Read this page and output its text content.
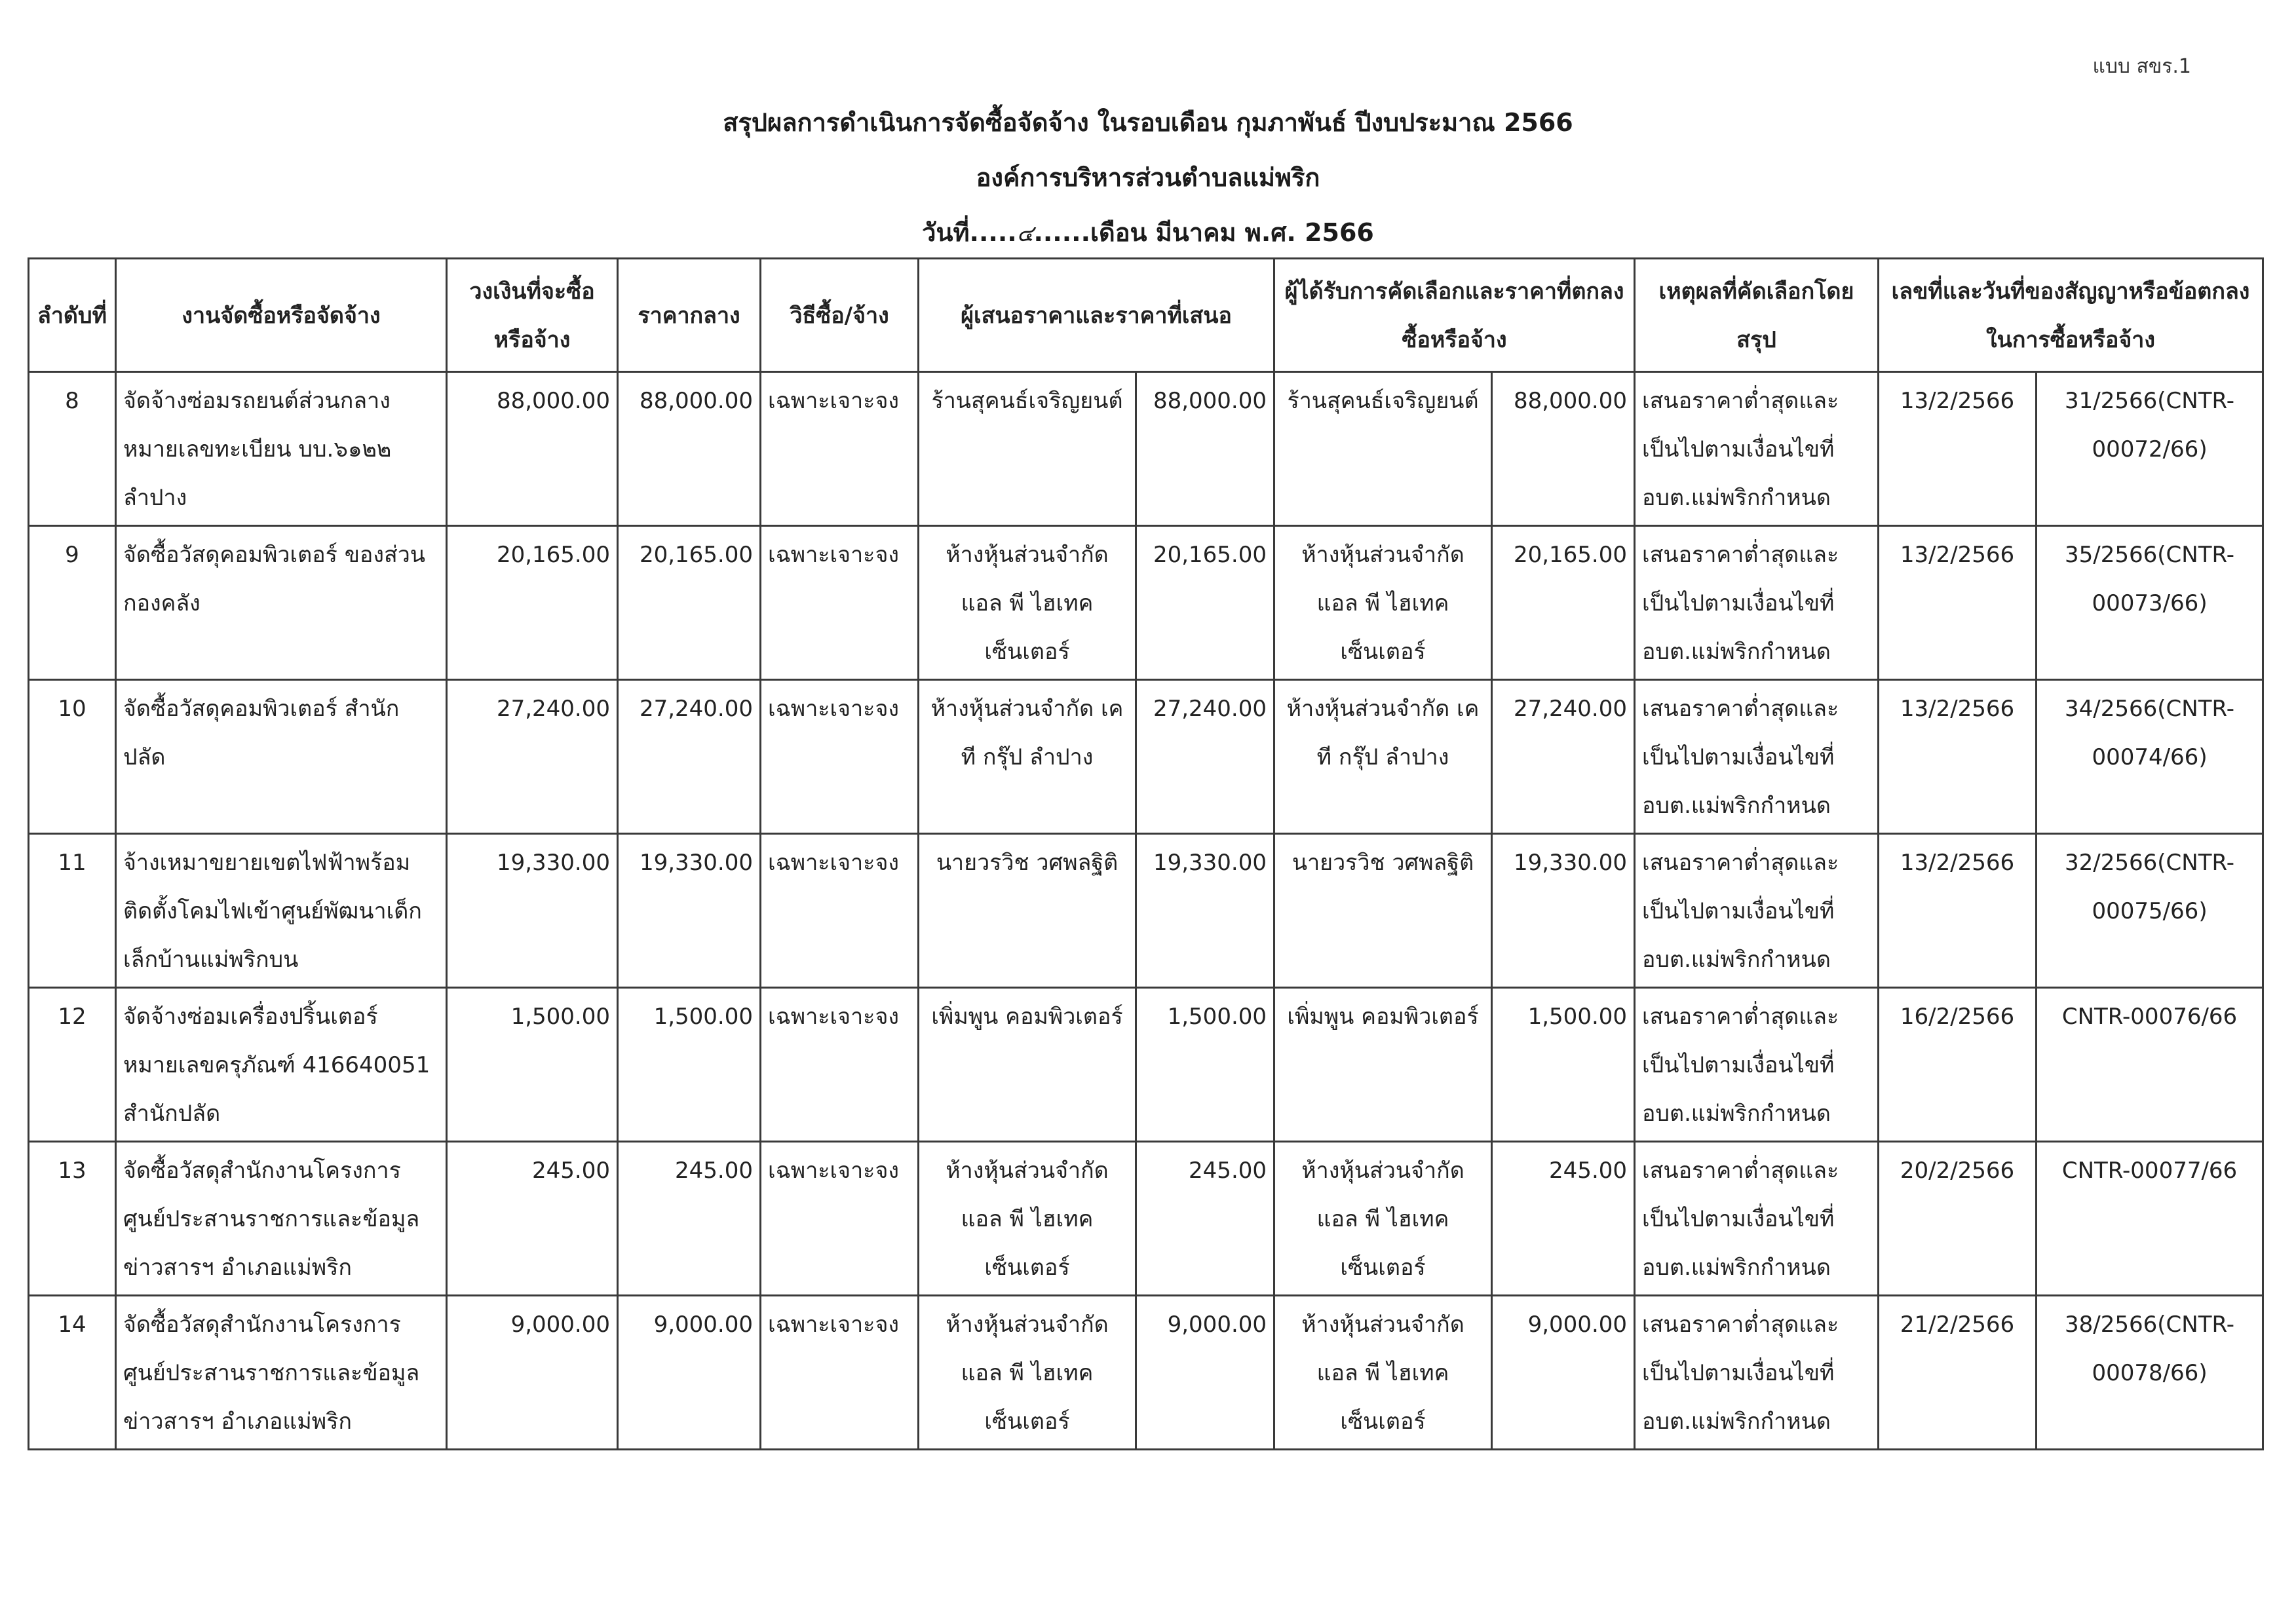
แบบ สขร.1
สรุปผลการดำเนินการจัดซื้อจัดจ้าง ในรอบเดือน กุมภาพันธ์ ปีงบประมาณ 2566
องค์การบริหารส่วนตำบลแม่พริก
วันที่.....๔......เดือน มีนาคม พ.ศ. 2566
ลำดับที่	งานจัดซื้อหรือจัดจ้าง	วงเงินที่จะซื้อหรือจ้าง	ราคากลาง	วิธีซื้อ/จ้าง	ผู้เสนอราคาและราคาที่เสนอ		ผู้ได้รับการคัดเลือกและราคาที่ตกลงซื้อหรือจ้าง		เหตุผลที่คัดเลือกโดยสรุป	เลขที่และวันที่ของสัญญาหรือข้อตกลงในการซื้อหรือจ้าง	
8	จัดจ้างซ่อมรถยนต์ส่วนกลาง หมายเลขทะเบียน บบ.๖๑๒๒ ลำปาง	88,000.00	88,000.00	เฉพาะเจาะจง	ร้านสุคนธ์เจริญยนต์	88,000.00	ร้านสุคนธ์เจริญยนต์	88,000.00	เสนอราคาต่ำสุดและเป็นไปตามเงื่อนไขที่ อบต.แม่พริกกำหนด	13/2/2566	31/2566(CNTR-00072/66)
9	จัดซื้อวัสดุคอมพิวเตอร์ ของส่วนกองคลัง	20,165.00	20,165.00	เฉพาะเจาะจง	ห้างหุ้นส่วนจำกัด แอล พี ไฮเทค เซ็นเตอร์	20,165.00	ห้างหุ้นส่วนจำกัด แอล พี ไฮเทค เซ็นเตอร์	20,165.00	เสนอราคาต่ำสุดและเป็นไปตามเงื่อนไขที่ อบต.แม่พริกกำหนด	13/2/2566	35/2566(CNTR-00073/66)
10	จัดซื้อวัสดุคอมพิวเตอร์ สำนักปลัด	27,240.00	27,240.00	เฉพาะเจาะจง	ห้างหุ้นส่วนจำกัด เค ที กรุ๊ป ลำปาง	27,240.00	ห้างหุ้นส่วนจำกัด เค ที กรุ๊ป ลำปาง	27,240.00	เสนอราคาต่ำสุดและเป็นไปตามเงื่อนไขที่ อบต.แม่พริกกำหนด	13/2/2566	34/2566(CNTR-00074/66)
11	จ้างเหมาขยายเขตไฟฟ้าพร้อมติดตั้งโคมไฟเข้าศูนย์พัฒนาเด็กเล็กบ้านแม่พริกบน	19,330.00	19,330.00	เฉพาะเจาะจง	นายวรวิช วศพลฐิติ	19,330.00	นายวรวิช วศพลฐิติ	19,330.00	เสนอราคาต่ำสุดและเป็นไปตามเงื่อนไขที่ อบต.แม่พริกกำหนด	13/2/2566	32/2566(CNTR-00075/66)
12	จัดจ้างซ่อมเครื่องปริ้นเตอร์ หมายเลขครุภัณฑ์ 416640051 สำนักปลัด	1,500.00	1,500.00	เฉพาะเจาะจง	เพิ่มพูน คอมพิวเตอร์	1,500.00	เพิ่มพูน คอมพิวเตอร์	1,500.00	เสนอราคาต่ำสุดและเป็นไปตามเงื่อนไขที่ อบต.แม่พริกกำหนด	16/2/2566	CNTR-00076/66
13	จัดซื้อวัสดุสำนักงานโครงการศูนย์ประสานราชการและข้อมูลข่าวสารฯ อำเภอแม่พริก	245.00	245.00	เฉพาะเจาะจง	ห้างหุ้นส่วนจำกัด แอล พี ไฮเทค เซ็นเตอร์	245.00	ห้างหุ้นส่วนจำกัด แอล พี ไฮเทค เซ็นเตอร์	245.00	เสนอราคาต่ำสุดและเป็นไปตามเงื่อนไขที่ อบต.แม่พริกกำหนด	20/2/2566	CNTR-00077/66
14	จัดซื้อวัสดุสำนักงานโครงการศูนย์ประสานราชการและข้อมูลข่าวสารฯ อำเภอแม่พริก	9,000.00	9,000.00	เฉพาะเจาะจง	ห้างหุ้นส่วนจำกัด แอล พี ไฮเทค เซ็นเตอร์	9,000.00	ห้างหุ้นส่วนจำกัด แอล พี ไฮเทค เซ็นเตอร์	9,000.00	เสนอราคาต่ำสุดและเป็นไปตามเงื่อนไขที่ อบต.แม่พริกกำหนด	21/2/2566	38/2566(CNTR-00078/66)
